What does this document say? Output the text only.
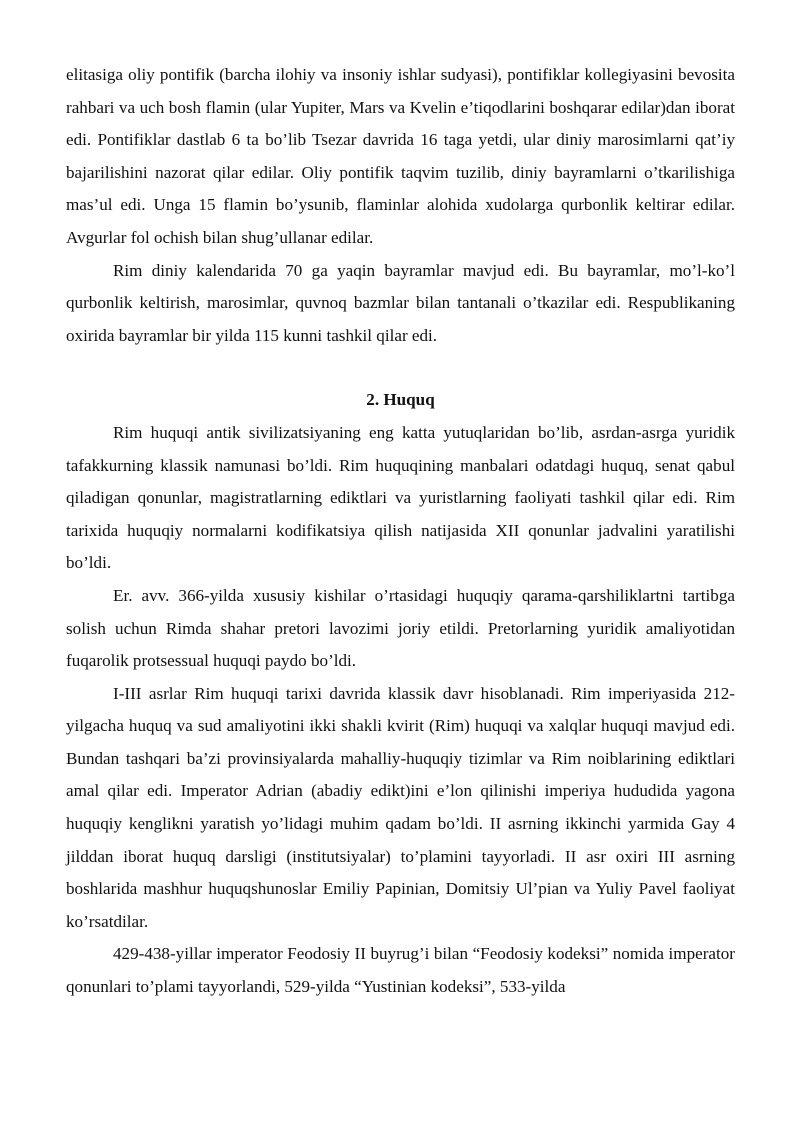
elitasiga oliy pontifik (barcha ilohiy va insoniy ishlar sudyasi), pontifiklar kollegiyasini bevosita rahbari va uch bosh flamin (ular Yupiter, Mars va Kvelin e’tiqodlarini boshqarar edilar)dan iborat edi. Pontifiklar dastlab 6 ta bo’lib Tsezar davrida 16 taga yetdi, ular diniy marosimlarni qat’iy bajarilishini nazorat qilar edilar. Oliy pontifik taqvim tuzilib, diniy bayramlarni o’tkarilishiga mas’ul edi. Unga 15 flamin bo’ysunib, flaminlar alohida xudolarga qurbonlik keltirar edilar. Avgurlar fol ochish bilan shug’ullanar edilar.

Rim diniy kalendarida 70 ga yaqin bayramlar mavjud edi. Bu bayramlar, mo’l-ko’l qurbonlik keltirish, marosimlar, quvnoq bazmlar bilan tantanali o’tkazilar edi. Respublikaning oxirida bayramlar bir yilda 115 kunni tashkil qilar edi.

2. Huquq

Rim huquqi antik sivilizatsiyaning eng katta yutuqlaridan bo’lib, asrdan-asrga yuridik tafakkurning klassik namunasi bo’ldi. Rim huquqining manbalari odatdagi huquq, senat qabul qiladigan qonunlar, magistratlarning ediktlari va yuristlarning faoliyati tashkil qilar edi. Rim tarixida huquqiy normalarni kodifikatsiya qilish natijasida XII qonunlar jadvalini yaratilishi bo’ldi.

Er. avv. 366-yilda xususiy kishilar o’rtasidagi huquqiy qarama-qarshiliklartni tartibga solish uchun Rimda shahar pretori lavozimi joriy etildi. Pretorlarning yuridik amaliyotidan fuqarolik protsessual huquqi paydo bo’ldi.

I-III asrlar Rim huquqi tarixi davrida klassik davr hisoblanadi. Rim imperiyasida 212-yilgacha huquq va sud amaliyotini ikki shakli kvirit (Rim) huquqi va xalqlar huquqi mavjud edi. Bundan tashqari ba’zi provinsiyalarda mahalliy-huquqiy tizimlar va Rim noiblarining ediktlari amal qilar edi. Imperator Adrian (abadiy edikt)ini e’lon qilinishi imperiya hududida yagona huquqiy kenglikni yaratish yo’lidagi muhim qadam bo’ldi. II asrning ikkinchi yarmida Gay 4 jilddan iborat huquq darsligi (institutsiyalar) to’plamini tayyorladi. II asr oxiri III asrning boshlarida mashhur huquqshunoslar Emiliy Papinian, Domitsiy Ul’pian va Yuliy Pavel faoliyat ko’rsatdilar.

429-438-yillar imperator Feodosiy II buyrug’i bilan “Feodosiy kodeksi” nomida imperator qonunlari to’plami tayyorlandi, 529-yilda “Yustinian kodeksi”, 533-yilda
